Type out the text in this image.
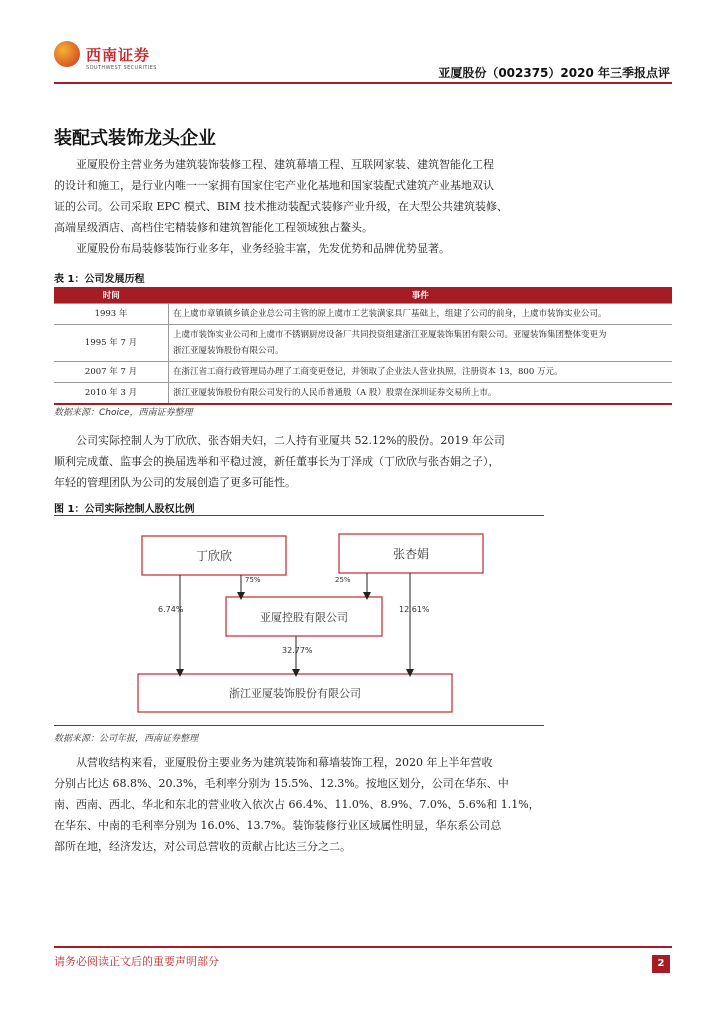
西南证券
SOUTHWEST SECURITIES	亚厦股份（002375）2020 年三季报点评
装配式装饰龙头企业
亚厦股份主营业务为建筑装饰装修工程、建筑幕墙工程、互联网家装、建筑智能化工程
的设计和施工，是行业内唯一一家拥有国家住宅产业化基地和国家装配式建筑产业基地双认
证的公司。公司采取 EPC 模式、BIM 技术推动装配式装修产业升级，在大型公共建筑装修、
高端星级酒店、高档住宅精装修和建筑智能化工程领域独占鳌头。
亚厦股份布局装修装饰行业多年，业务经验丰富，先发优势和品牌优势显著。
表 1：公司发展历程
时间	事件
1993 年	在上虞市章镇镇乡镇企业总公司主管的原上虞市工艺装潢家具厂基础上，组建了公司的前身，上虞市装饰实业公司。
1995 年 7 月	上虞市装饰实业公司和上虞市不锈钢厨房设备厂共同投资组建浙江亚厦装饰集团有限公司。亚厦装饰集团整体变更为
浙江亚厦装饰股份有限公司。

2007 年 7 月	在浙江省工商行政管理局办理了工商变更登记，并领取了企业法人营业执照，注册资本 13，800 万元。
2010 年 3 月	浙江亚厦装饰股份有限公司发行的人民币普通股（A 股）股票在深圳证券交易所上市。
数据来源：Choice，西南证券整理
公司实际控制人为丁欣欣、张杏娟夫妇，二人持有亚厦共 52.12%的股份。2019 年公司
顺利完成董、监事会的换届选举和平稳过渡，新任董事长为丁泽成（丁欣欣与张杏娟之子），
年轻的管理团队为公司的发展创造了更多可能性。
图 1：公司实际控制人股权比例
丁欣欣	张杏娟
亚厦控股有限公司
浙江亚厦装饰股份有限公司
75%	25%
6.74%	12.61%
32.77%
数据来源：公司年报，西南证券整理
从营收结构来看，亚厦股份主要业务为建筑装饰和幕墙装饰工程，2020 年上半年营收
分别占比达 68.8%、20.3%，毛利率分别为 15.5%、12.3%。按地区划分，公司在华东、中
南、西南、西北、华北和东北的营业收入依次占 66.4%、11.0%、8.9%、7.0%、5.6%和 1.1%，
在华东、中南的毛利率分别为 16.0%、13.7%。装饰装修行业区域属性明显，华东系公司总
部所在地，经济发达，对公司总营收的贡献占比达三分之二。
请务必阅读正文后的重要声明部分	2
